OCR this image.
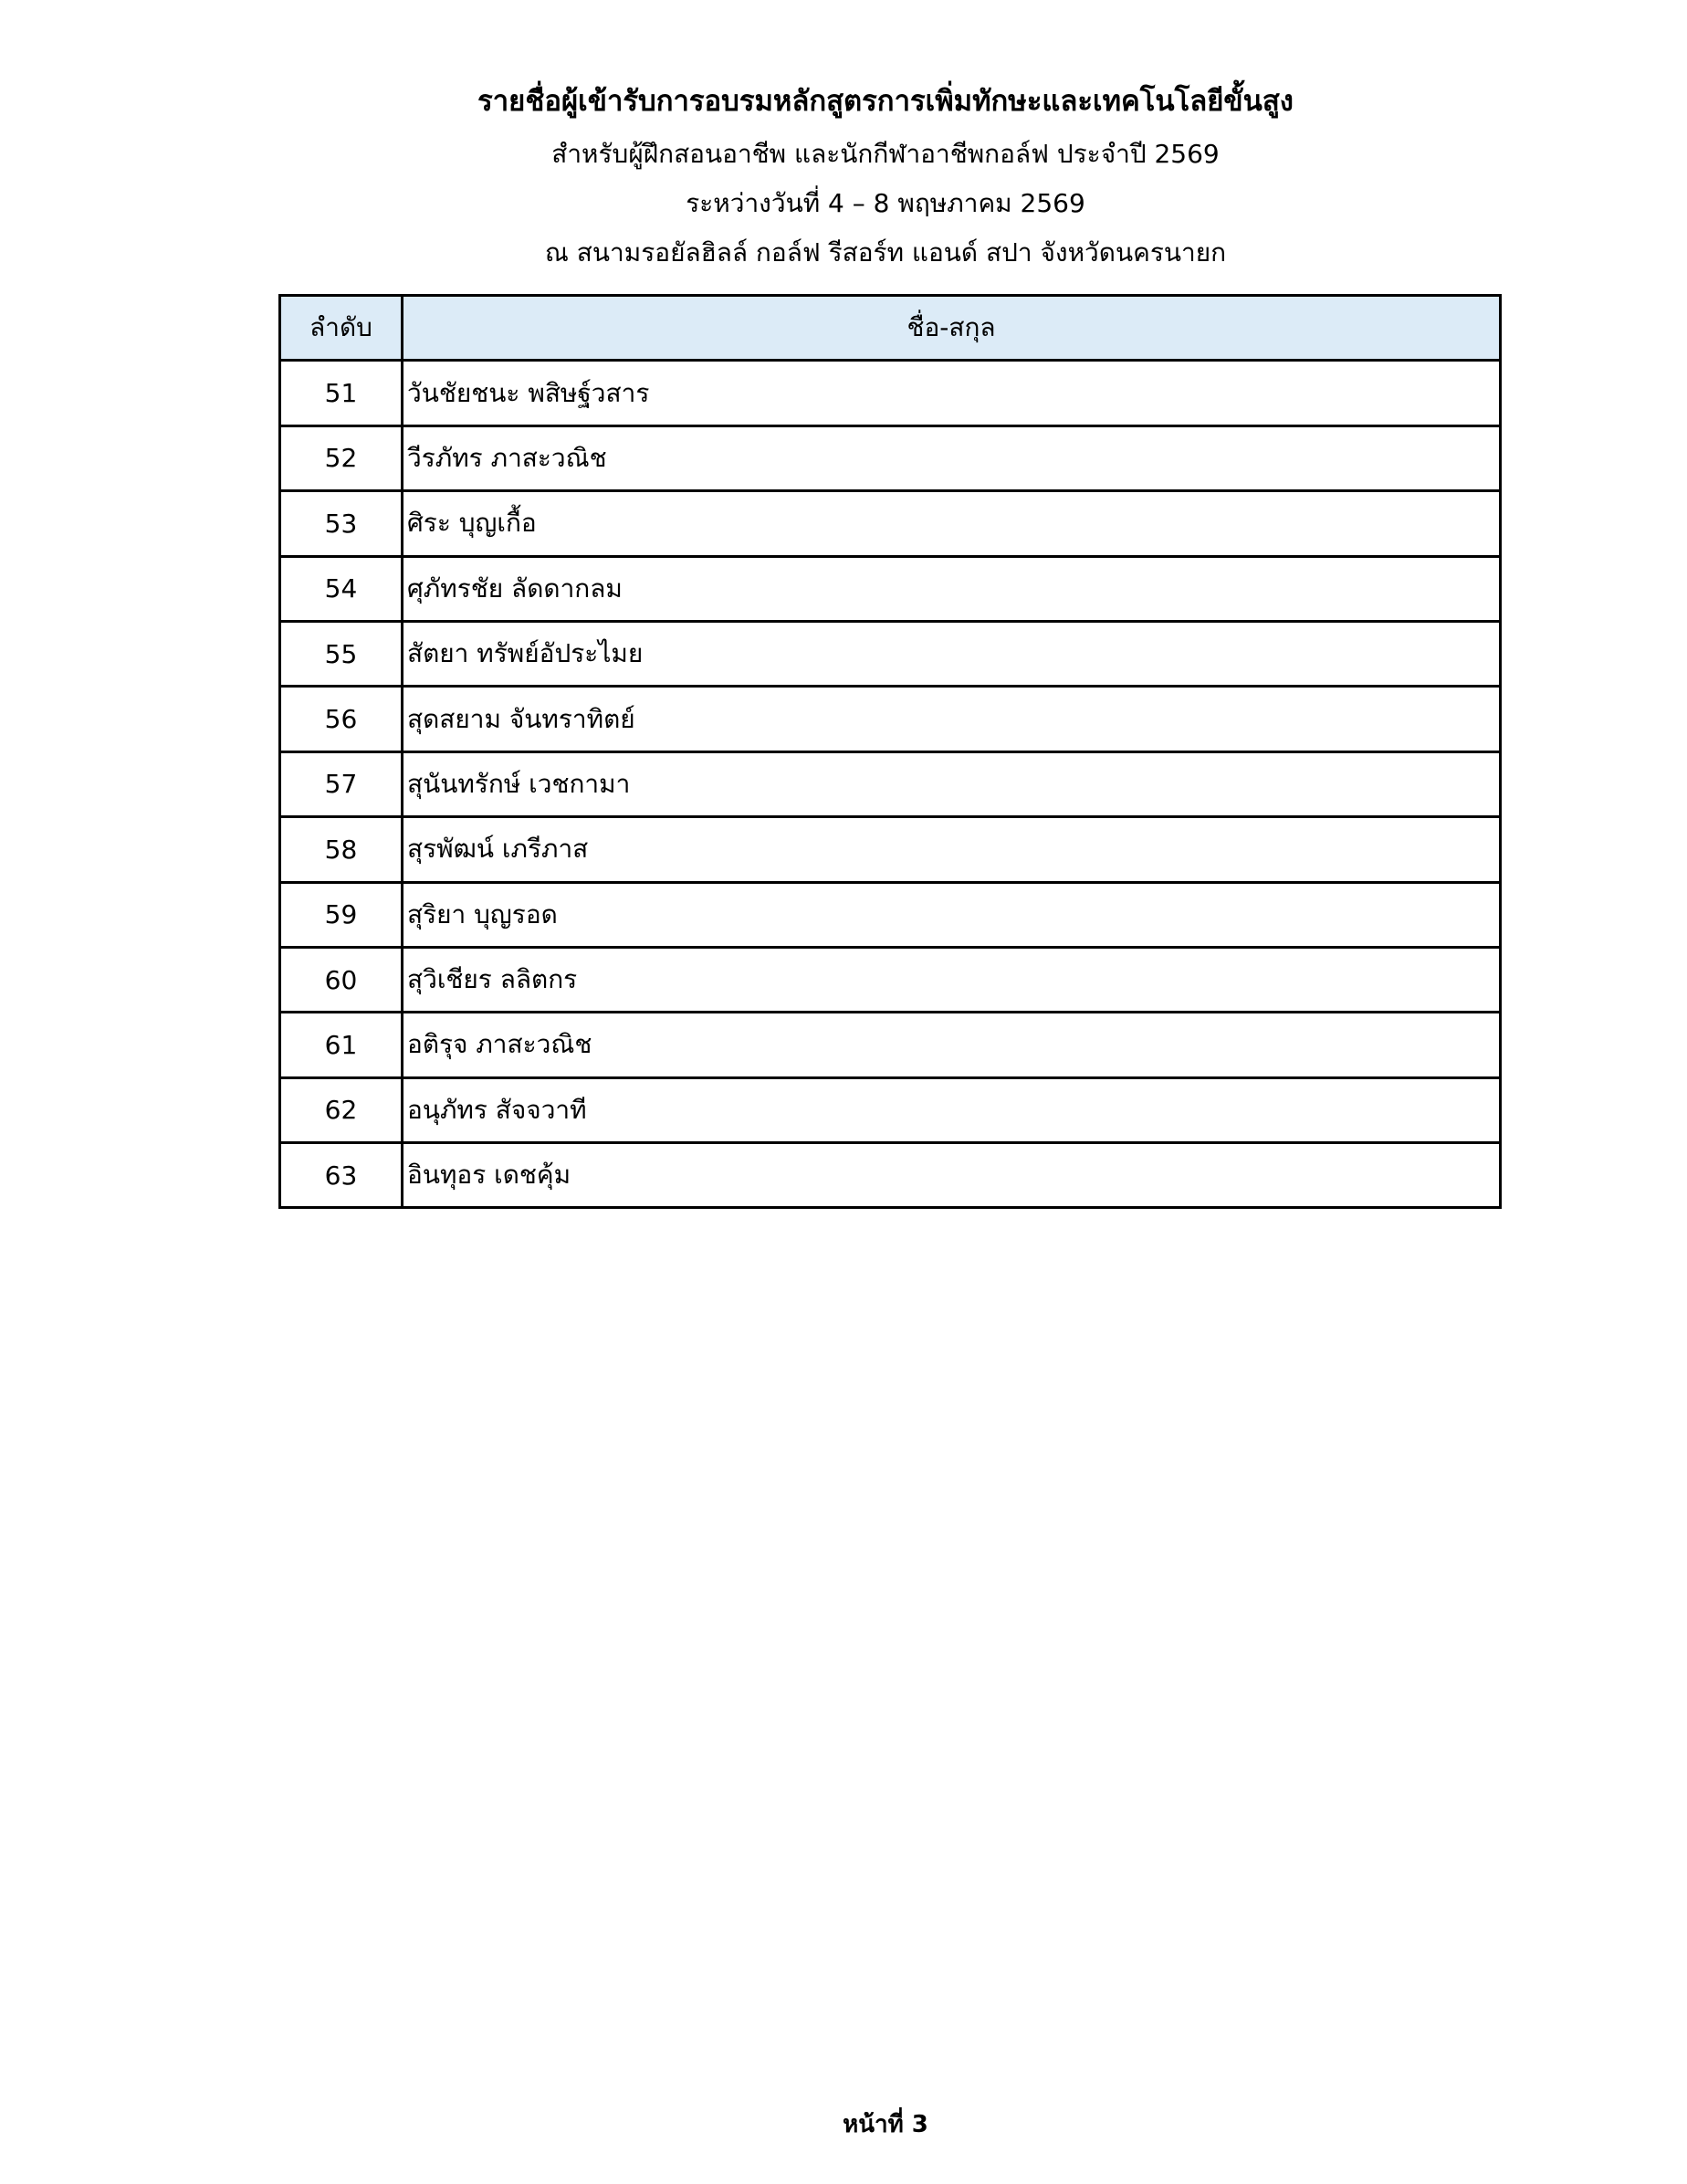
รายชื่อผู้เข้ารับการอบรมหลักสูตรการเพิ่มทักษะและเทคโนโลยีขั้นสูง

สำหรับผู้ฝึกสอนอาชีพ และนักกีฬาอาชีพกอล์ฟ ประจำปี 2569

ระหว่างวันที่ 4 – 8 พฤษภาคม 2569

ณ สนามรอยัลฮิลล์ กอล์ฟ รีสอร์ท แอนด์ สปา จังหวัดนครนายก

ลำดับ	ชื่อ-สกุล
51	วันชัยชนะ พสิษฐ์วสาร
52	วีรภัทร ภาสะวณิช
53	ศิระ บุญเกื้อ
54	ศุภัทรชัย ลัดดากลม
55	สัตยา ทรัพย์อัประไมย
56	สุดสยาม จันทราทิตย์
57	สุนันทรักษ์ เวชกามา
58	สุรพัฒน์ เภรีภาส
59	สุริยา บุญรอด
60	สุวิเชียร ลลิตกร
61	อติรุจ ภาสะวณิช
62	อนุภัทร สัจจวาที
63	อินทุอร เดชคุ้ม

หน้าที่ 3
